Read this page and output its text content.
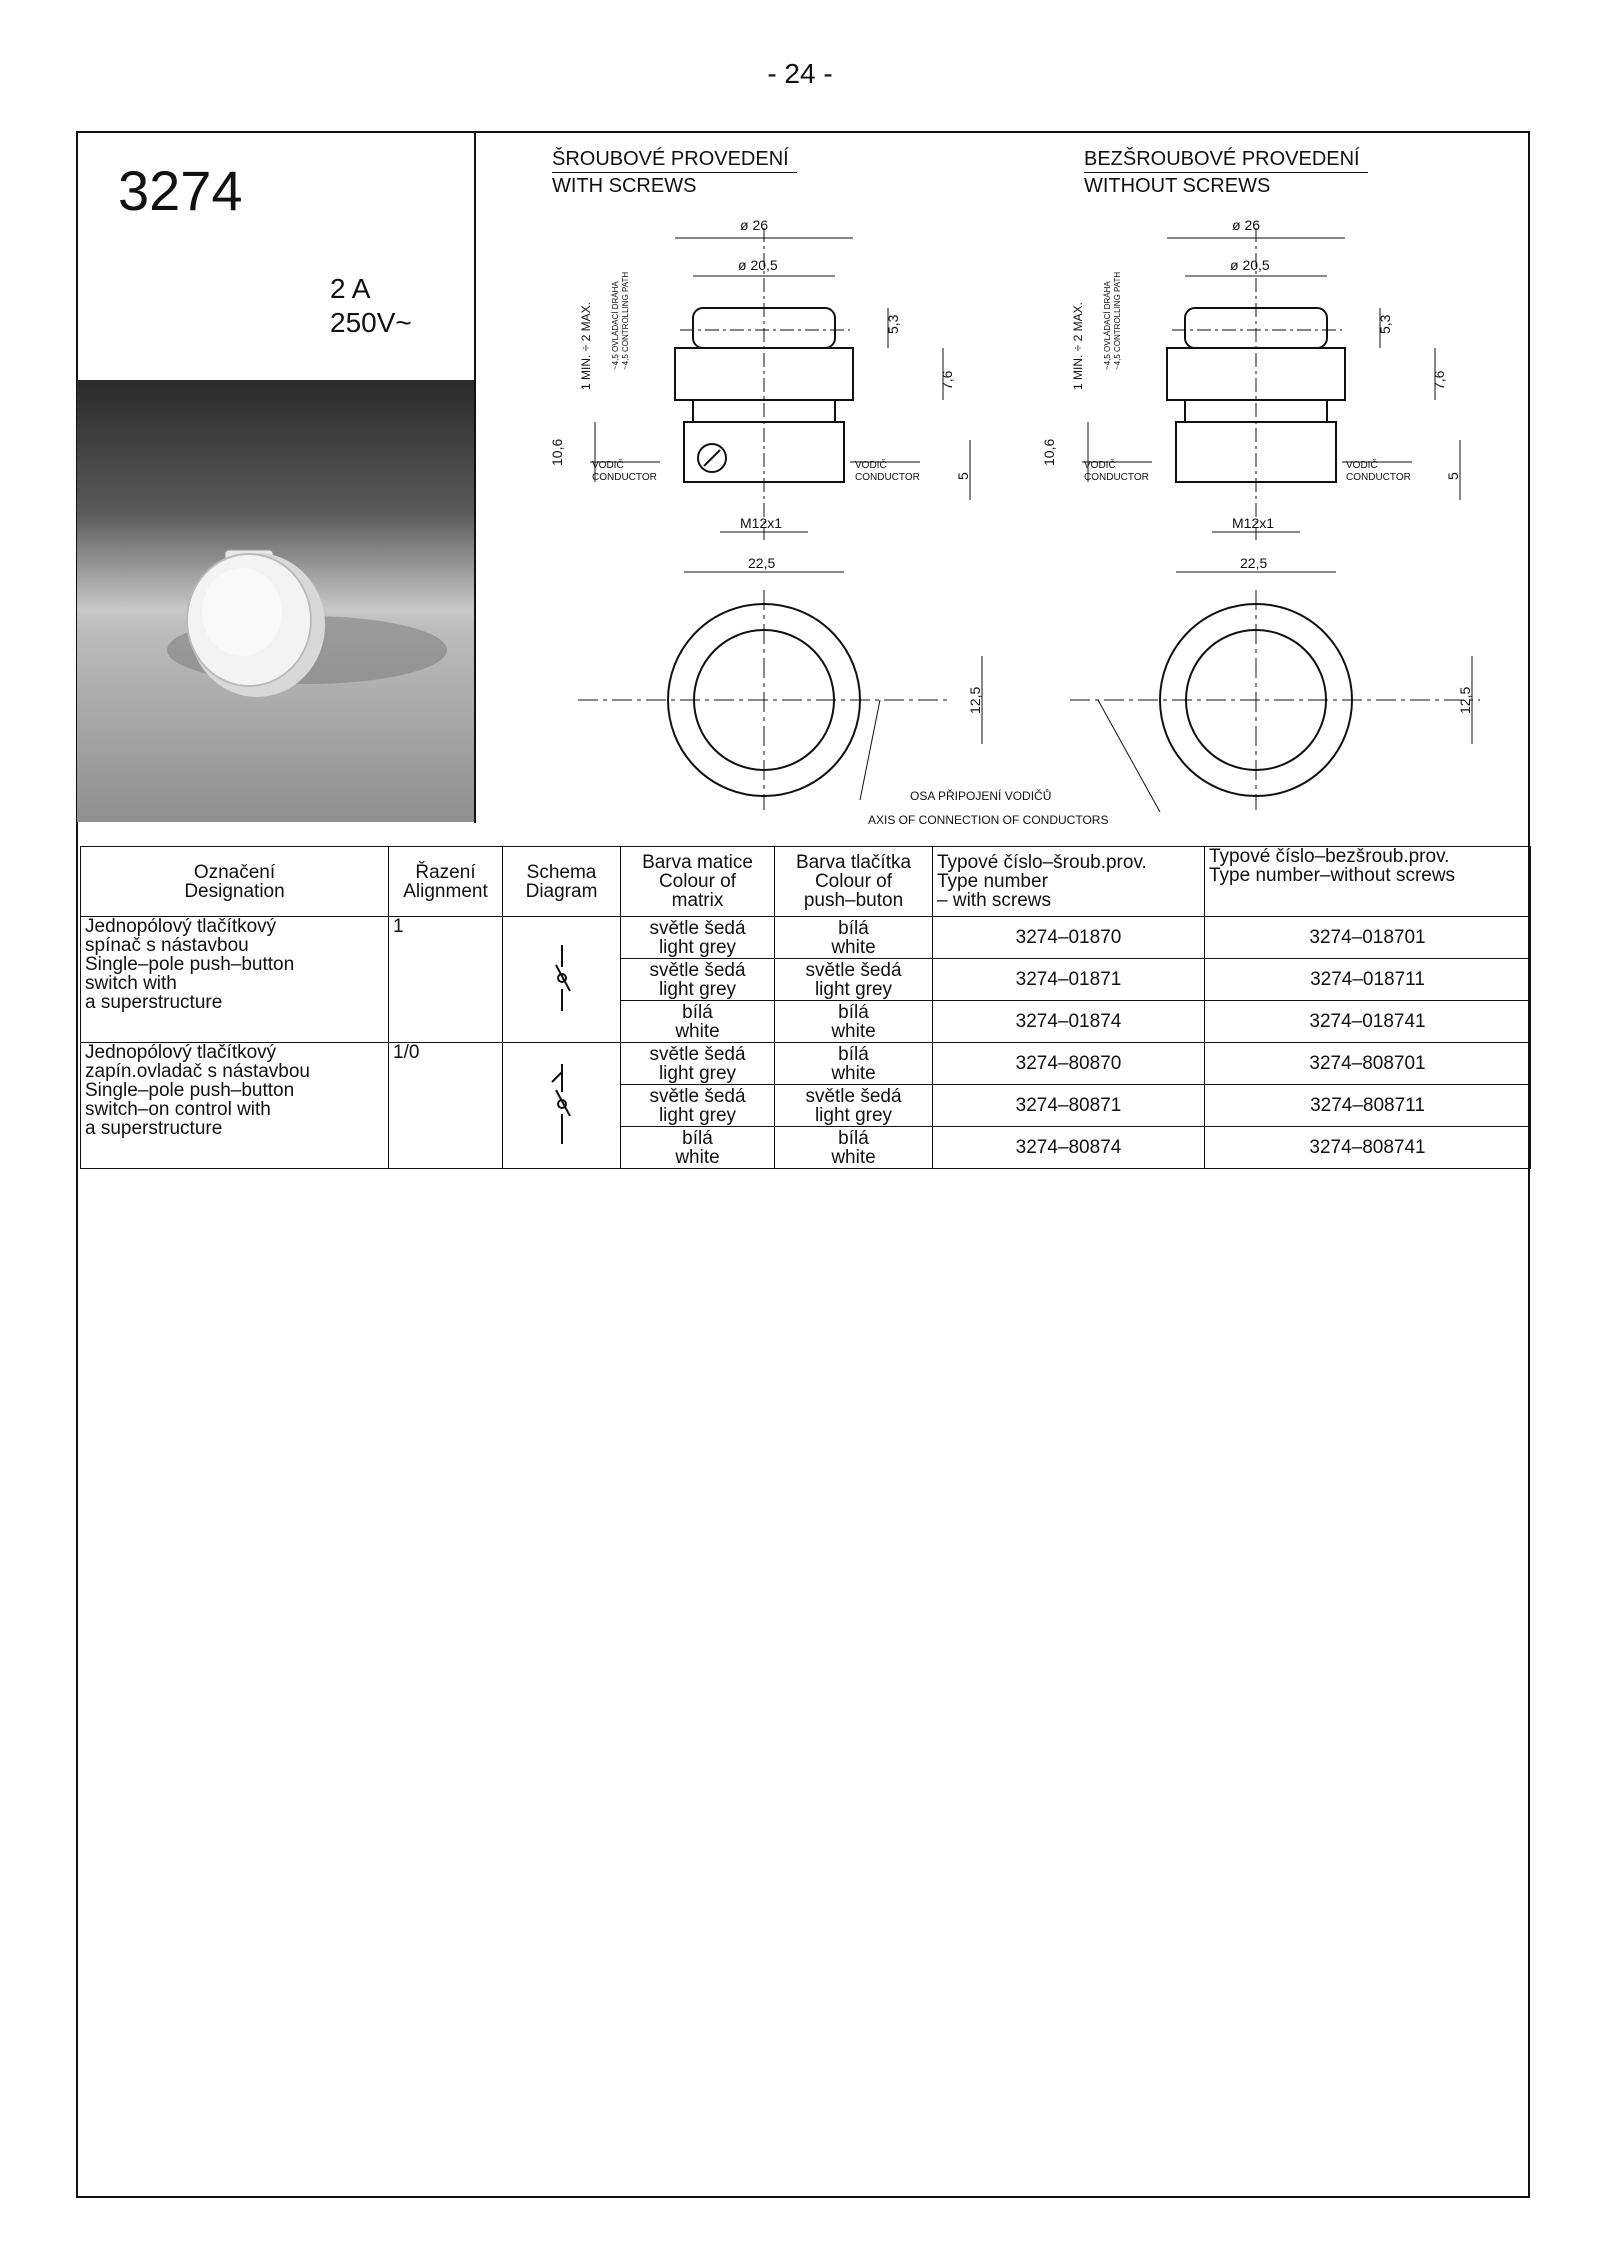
- 24 -
3274
2 A
250V~
ŠROUBOVÉ PROVEDENÍ
WITH SCREWS
BEZŠROUBOVÉ PROVEDENÍ
WITHOUT SCREWS
ø 26
ø 20,5
M12x1
22,5
VODIČ
CONDUCTOR
VODIČ
CONDUCTOR
ø 26
ø 20,5
M12x1
22,5
VODIČ
CONDUCTOR
VODIČ
CONDUCTOR
OSA PŘIPOJENÍ VODIČŮ
AXIS OF CONNECTION OF CONDUCTORS
5,3
7,6
10,6
5
12,5
1 MIN. ÷ 2 MAX. ~4,5 OVLÁDACÍ DRÁHA ~4,5 CONTROLLING PATH	5,3
7,6
10,6
5
12,5
1 MIN. ÷ 2 MAX. ~4,5 OVLÁDACÍ DRÁHA ~4,5 CONTROLLING PATH
Označení
Designation	Řazení
Alignment	Schema
Diagram	Barva matice
Colour of
matrix	Barva tlačítka
Colour of
push–buton	Typové číslo–šroub.prov.
Type number
– with screws	Typové číslo–bezšroub.prov.
Type number–without screws
Jednopólový tlačítkový
spínač s nástavbou
Single–pole push–button
switch with
a superstructure	1		světle šedá
light grey	bílá
white	3274–01870	3274–018701
			světle šedá
light grey	světle šedá
light grey	3274–01871	3274–018711
			bílá
white	bílá
white	3274–01874	3274–018741
Jednopólový tlačítkový
zapín.ovladač s nástavbou
Single–pole push–button
switch–on control with
a superstructure	1/0		světle šedá
light grey	bílá
white	3274–80870	3274–808701
			světle šedá
light grey	světle šedá
light grey	3274–80871	3274–808711
			bílá
white	bílá
white	3274–80874	3274–808741
